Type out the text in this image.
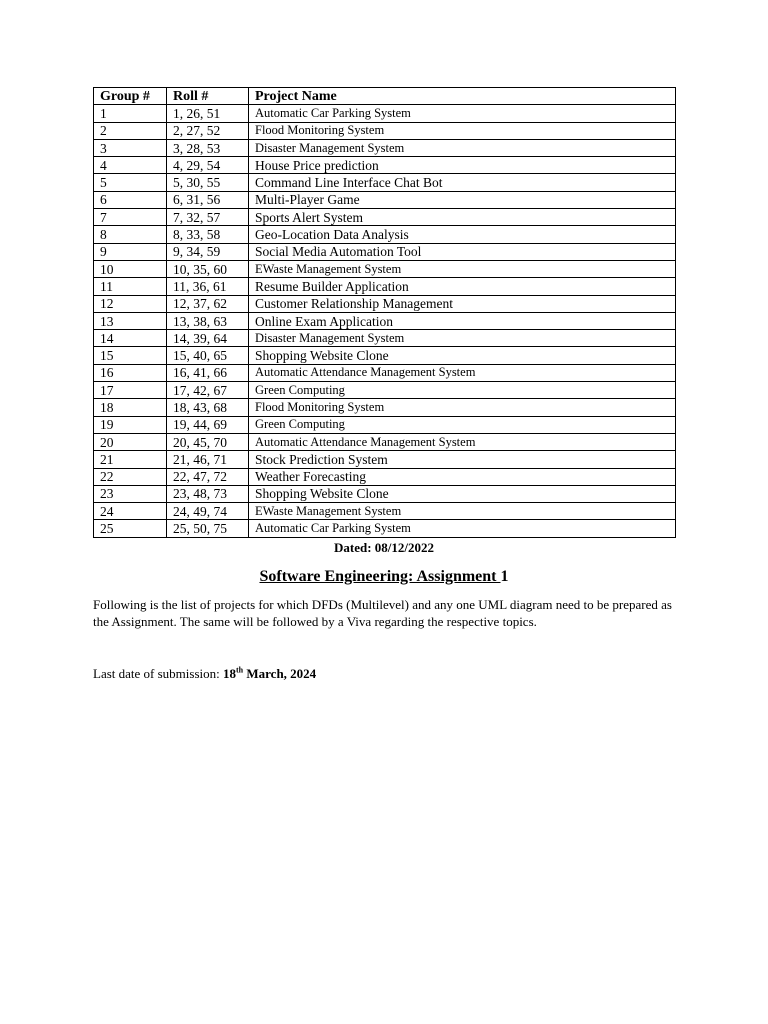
Group #	Roll #	Project Name
1	1, 26, 51	Automatic Car Parking System
2	2, 27, 52	Flood Monitoring System
3	3, 28, 53	Disaster Management System
4	4, 29, 54	House Price prediction
5	5, 30, 55	Command Line Interface Chat Bot
6	6, 31, 56	Multi-Player Game
7	7, 32, 57	Sports Alert System
8	8, 33, 58	Geo-Location Data Analysis
9	9, 34, 59	Social Media Automation Tool
10	10, 35, 60	EWaste Management System
11	11, 36, 61	Resume Builder Application
12	12, 37, 62	Customer Relationship Management
13	13, 38, 63	Online Exam Application
14	14, 39, 64	Disaster Management System
15	15, 40, 65	Shopping Website Clone
16	16, 41, 66	Automatic Attendance Management System
17	17, 42, 67	Green Computing
18	18, 43, 68	Flood Monitoring System
19	19, 44, 69	Green Computing
20	20, 45, 70	Automatic Attendance Management System
21	21, 46, 71	Stock Prediction System
22	22, 47, 72	Weather Forecasting
23	23, 48, 73	Shopping Website Clone
24	24, 49, 74	EWaste Management System
25	25, 50, 75	Automatic Car Parking System
Dated: 08/12/2022
Software Engineering: Assignment 1
Following is the list of projects for which DFDs (Multilevel) and any one UML diagram need to be prepared as the Assignment. The same will be followed by a Viva regarding the respective topics.
Last date of submission: 18th March, 2024
